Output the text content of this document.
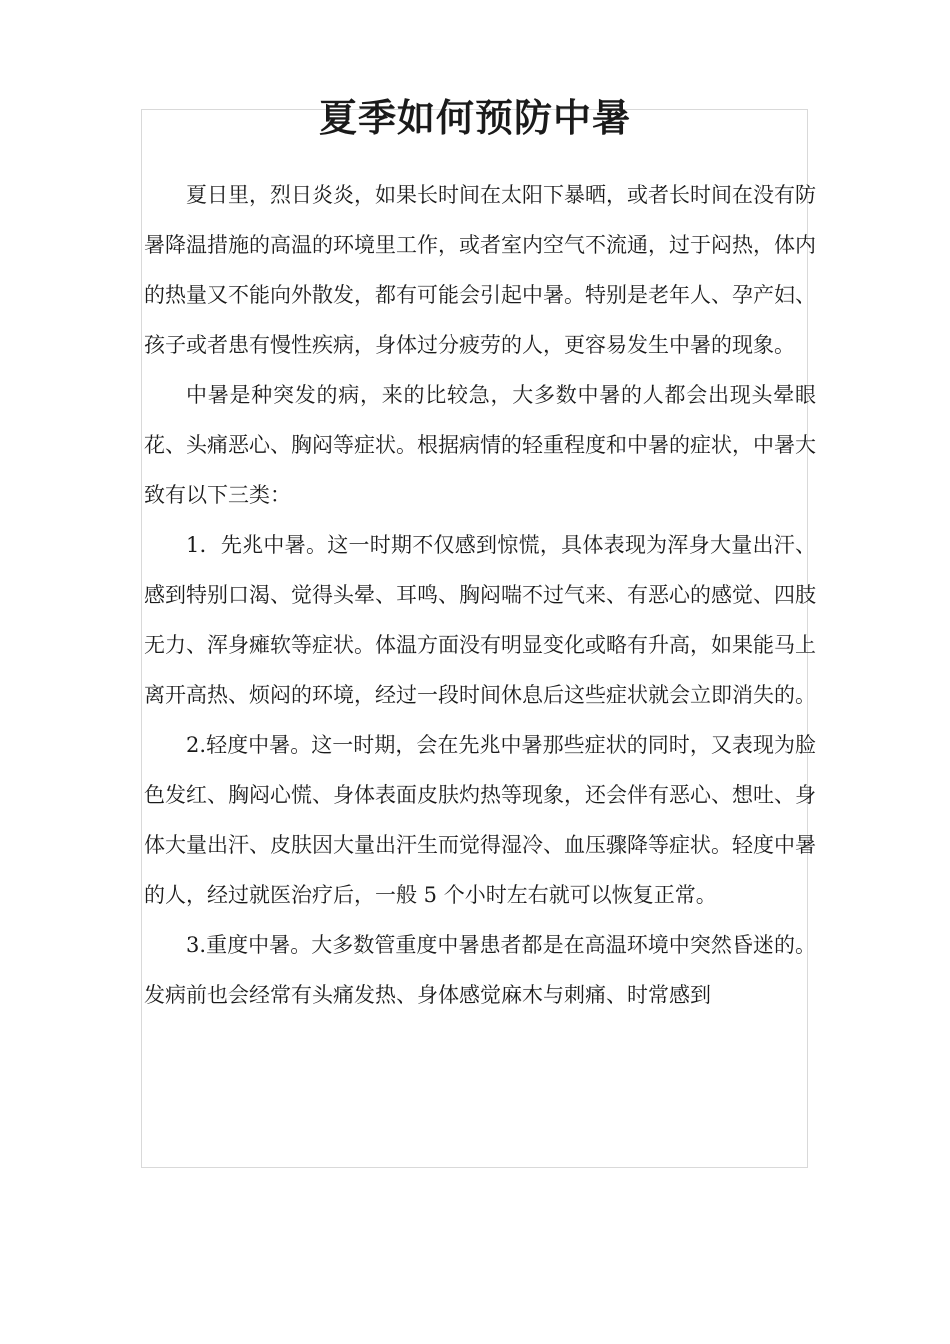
夏季如何预防中暑

夏日里，烈日炎炎，如果长时间在太阳下暴晒，或者长时间在没有防暑降温措施的高温的环境里工作，或者室内空气不流通，过于闷热，体内的热量又不能向外散发，都有可能会引起中暑。特别是老年人、孕产妇、孩子或者患有慢性疾病，身体过分疲劳的人，更容易发生中暑的现象。

中暑是种突发的病，来的比较急，大多数中暑的人都会出现头晕眼花、头痛恶心、胸闷等症状。根据病情的轻重程度和中暑的症状，中暑大致有以下三类：

1．先兆中暑。这一时期不仅感到惊慌，具体表现为浑身大量出汗、感到特别口渴、觉得头晕、耳鸣、胸闷喘不过气来、有恶心的感觉、四肢无力、浑身瘫软等症状。体温方面没有明显变化或略有升高，如果能马上离开高热、烦闷的环境，经过一段时间休息后这些症状就会立即消失的。

2.轻度中暑。这一时期，会在先兆中暑那些症状的同时，又表现为脸色发红、胸闷心慌、身体表面皮肤灼热等现象，还会伴有恶心、想吐、身体大量出汗、皮肤因大量出汗生而觉得湿冷、血压骤降等症状。轻度中暑的人，经过就医治疗后，一般 5 个小时左右就可以恢复正常。

3.重度中暑。大多数管重度中暑患者都是在高温环境中突然昏迷的。发病前也会经常有头痛发热、身体感觉麻木与刺痛、时常感到
